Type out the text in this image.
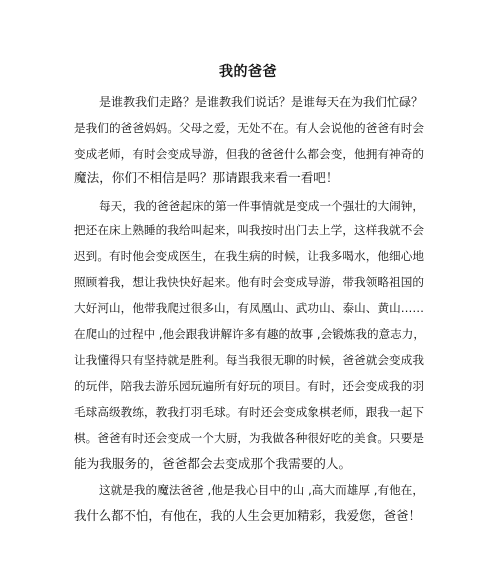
我的爸爸
是谁教我们走路？是谁教我们说话？是谁每天在为我们忙碌？
是我们的爸爸妈妈。父母之爱，无处不在。有人会说他的爸爸有时会
变成老师，有时会变成导游，但我的爸爸什么都会变，他拥有神奇的
魔法，你们不相信是吗？那请跟我来看一看吧！
每天，我的爸爸起床的第一件事情就是变成一个强壮的大闹钟，
把还在床上熟睡的我给叫起来，叫我按时出门去上学，这样我就不会
迟到。有时他会变成医生，在我生病的时候，让我多喝水，他细心地
照顾着我，想让我快快好起来。他有时会变成导游，带我领略祖国的
大好河山，他带我爬过很多山，有凤凰山、武功山、泰山、黄山……
在爬山的过程中 ,他会跟我讲解许多有趣的故事 ,会锻炼我的意志力，
让我懂得只有坚持就是胜利。每当我很无聊的时候，爸爸就会变成我
的玩伴，陪我去游乐园玩遍所有好玩的项目。有时，还会变成我的羽
毛球高级教练，教我打羽毛球。有时还会变成象棋老师，跟我一起下
棋。爸爸有时还会变成一个大厨，为我做各种很好吃的美食。只要是
能为我服务的，爸爸都会去变成那个我需要的人。
这就是我的魔法爸爸 ,他是我心目中的山 ,高大而雄厚 ,有他在，
我什么都不怕，有他在，我的人生会更加精彩，我爱您，爸爸！
